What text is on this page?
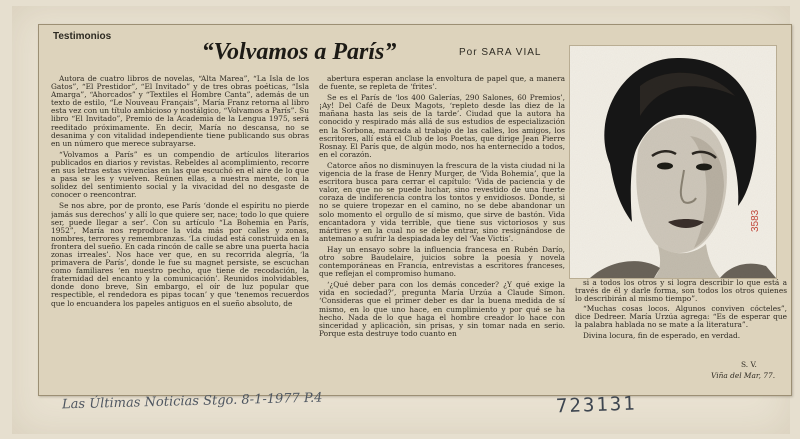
Testimonios
“Volvamos a París”	Por SARA VIAL

Autora de cuatro libros de novelas, “Alta Marea”, “La Isla de los Gatos”, “El Prestidor”, “El Invitado” y de tres obras poéticas, “Isla Amarga”, “Ahorcados” y “Textiles el Hombre Canta”, además de un texto de estilo, “Le Nouveau Français”, María Franz retorna al libro esta vez con un título ambicioso y nostálgico, “Volvamos a París”. Su libro “El Invitado”, Premio de la Academia de la Lengua 1975, será reeditado próximamente. En decir, María no descansa, no se desanima y con vitalidad independiente tiene publicando sus obras en un número que merece subrayarse.

“Volvamos a París” es un compendio de artículos literarios publicados en diarios y revistas. Rebeldes al acomplimiento, recorre en sus letras estas vivencias en las que escuchó en el aire de lo que a pasa se les y vuelven. Reúnen ellas, a nuestra mente, con la solidez del sentimiento social y la vivacidad del no desgaste de conocer o reencontrar.

Se nos abre, por de pronto, ese París ‘donde el espíritu no pierde jamás sus derechos’ y allí lo que quiere ser, nace; todo lo que quiere ser, puede llegar a ser’. Con su artículo “La Bohemia en París, 1952”, María nos reproduce la vida más por calles y zonas, nombres, terrores y remembranzas. ‘La ciudad está construida en la frontera del sueño. En cada rincón de calle se abre una puerta hacia zonas irreales’. Nos hace ver que, en su recorrida alegría, ‘la primavera de París’, donde le fue su magnet persiste, se escuchan como familiares ‘en nuestro pecho, que tiene de recodación, la fraternidad del encanto y la comunicación’. Reunidos inolvidables, donde dono breve, Sin embargo, el oír de luz popular que respectible, el rendedora es pipas tocan’ y que ‘tenemos recuerdos que lo encuandera los papeles antiguos en el sueño absoluto, de

abertura esperan anclase la envoltura de papel que, a manera de fuente, se repleta de ‘frites’.

Se es el París de ‘los 400 Galerías, 290 Salones, 60 Premios’, ¡Ay! Del Café de Deux Magots, ‘repleto desde las diez de la mañana hasta las seis de la tarde’. Ciudad que la autora ha conocido y respirado más allá de sus estudios de especialización en la Sorbona, marcada al trabajo de las calles, los amigos, los escritores, allí está el Club de los Poetas, que dirige Jean Pierre Rosnay. El París que, de algún modo, nos ha enternecido a todos, en el corazón.

Catorce años no disminuyen la frescura de la vista ciudad ni la vigencia de la frase de Henry Murger, de ‘Vida Bohemia’, que la escritora busca para cerrar el capítulo: ‘Vida de paciencia y de valor, en que no se puede luchar, sino revestido de una fuerte coraza de indiferencia contra los tontos y envidiosos. Donde, si no se quiere tropezar en el camino, no se debe abandonar un solo momento el orgullo de sí mismo, que sirve de bastón. Vida encantadora y vida terrible, que tiene sus victoriosos y sus mártires y en la cual no se debe entrar, sino resignándose de antemano a sufrir la despiadada ley del ‘Vae Victis’.

Hay un ensayo sobre la influencia francesa en Rubén Darío, otro sobre Baudelaire, juicios sobre la poesía y novela contemporáneas en Francia, entrevistas a escritores franceses, que reflejan el compromiso humano.

‘¿Qué deber para con los demás conceder? ¿Y qué exige la vida en sociedad?’, pregunta María Urzúa a Claude Simon. ‘Consideras que el primer deber es dar la buena medida de sí mismo, en lo que uno hace, en cumplimiento y por qué se ha hecho. Nada de lo que haga el hombre creador lo hace con sinceridad y aplicación, sin prisas, y sin tomar nada en serio. Porque esta destruye todo cuanto en

si a todos los otros y si logra describir lo que está a través de él y darle forma, son todos los otros quienes lo describirán al mismo tiempo”.

“Muchas cosas locos. Algunos conviven cócteles”, dice Dedreer. María Urzúa agrega: “Es de esperar que la palabra hablada no se mate a la literatura”.

Divina locura, fin de esperado, en verdad.

S. V.
Viña del Mar, 77.
3583
Las Últimas Noticias Stgo. 8-1-1977 P.4	723131
